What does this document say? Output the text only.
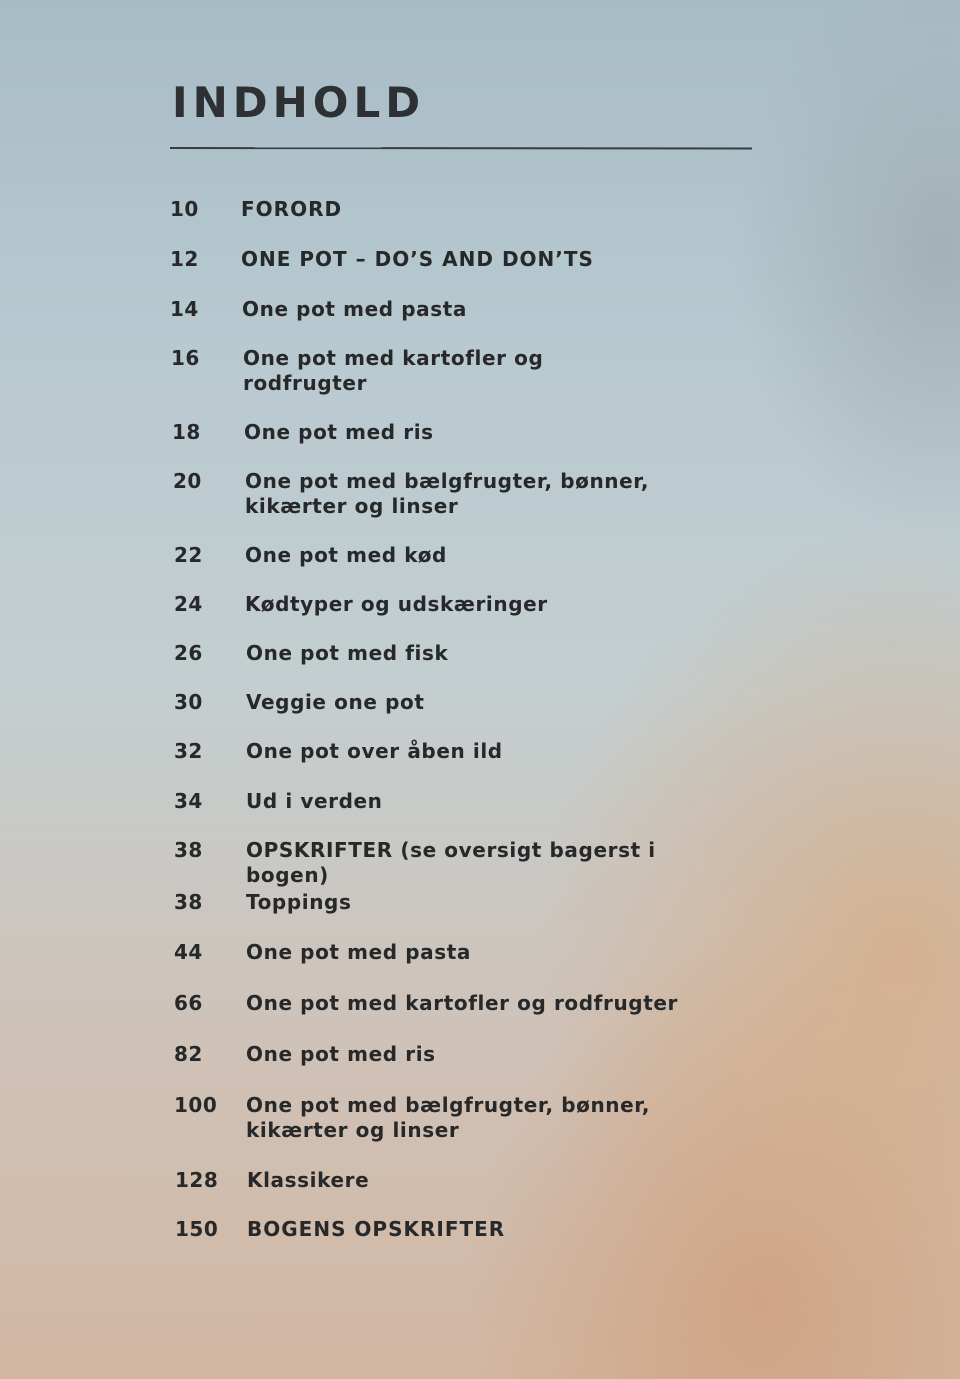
INDHOLD
10 FORORD
12 ONE POT – DO’S AND DON’TS
14 One pot med pasta
16 One pot med kartofler og
rodfrugter
18 One pot med ris
20 One pot med bælgfrugter, bønner,
kikærter og linser
22 One pot med kød
24 Kødtyper og udskæringer
26 One pot med fisk
30 Veggie one pot
32 One pot over åben ild
34 Ud i verden
38 OPSKRIFTER (se oversigt bagerst i bogen)
38 Toppings
44 One pot med pasta
66 One pot med kartofler og rodfrugter
82 One pot med ris
100 One pot med bælgfrugter, bønner,
kikærter og linser
128 Klassikere
150 BOGENS OPSKRIFTER
